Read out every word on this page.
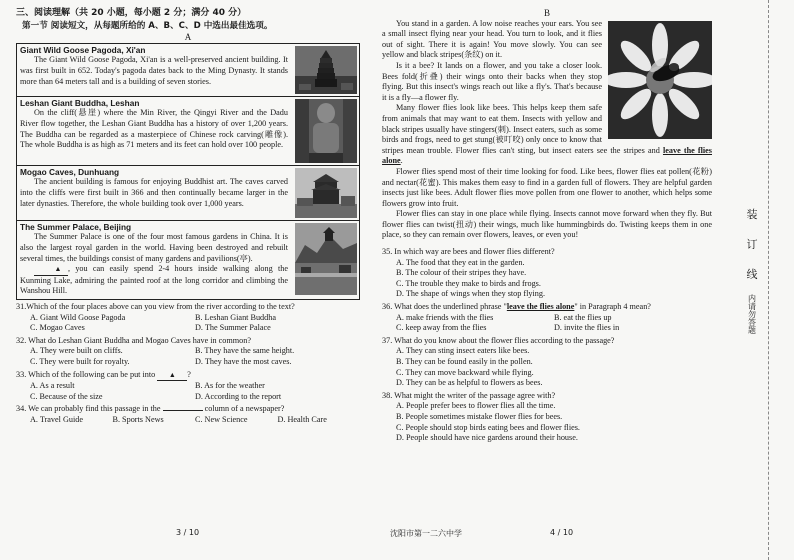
三、阅读理解（共 20 小题，每小题 2 分；满分 40 分）
第一节 阅读短文，从每题所给的 A、B、C、D 中选出最佳选项。
A
Giant Wild Goose Pagoda, Xi'an

The Giant Wild Goose Pagoda, Xi'an is a well-preserved ancient building. It was first built in 652. Today's pagoda dates back to the Ming Dynasty. It stands more than 64 meters tall and is a building of seven stories.

Leshan Giant Buddha, Leshan

On the cliff(悬崖) where the Min River, the Qingyi River and the Dadu River flow together, the Leshan Giant Buddha has a history of over 1,200 years. The Buddha can be regarded as a masterpiece of Chinese rock carving(雕像). The whole Buddha is as high as 71 meters and its feet can hold over 100 people.

Mogao Caves, Dunhuang

The ancient building is famous for enjoying Buddhist art. The caves carved into the cliffs were first built in 366 and then continually became larger in the later dynasties. Therefore, the whole building took over 1,000 years.

The Summer Palace, Beijing

The Summer Palace is one of the four most famous gardens in China. It is also the largest royal garden in the world. Having been destroyed and rebuilt several times, the buildings consist of many gardens and pavilions(亭).
▲ , you can easily spend 2-4 hours inside walking along the Kunming Lake, admiring the painted roof at the long corridor and climbing the Wanshou Hill.

31.Which of the four places above can you view from the river according to the text?
A. Giant Wild Goose Pagoda	B. Leshan Giant Buddha
C. Mogao Caves	D. The Summer Palace
32. What do Leshan Giant Buddha and Mogao Caves have in common?
A. They were built on cliffs.	B. They have the same height.
C. They were built for royalty.	D. They have the most caves.
33. Which of the following can be put into ▲ ?
A. As a result	B. As for the weather
C. Because of the size	D. According to the report
34. We can probably find this passage in the	column of a newspaper?
A. Travel Guide	B. Sports News	C. New Science	D. Health Care
B

You stand in a garden. A low noise reaches your ears. You see a small insect flying near your head. You turn to look, and it flies out of sight. There it is again! You move slowly. You can see yellow and black stripes(条纹) on it.

Is it a bee? It lands on a flower, and you take a closer look. Bees fold(折叠) their wings onto their backs when they stop flying. But this insect's wings reach out like a fly's. That's because it is a fly—a flower fly.

Many flower flies look like bees. This helps keep them safe from animals that may want to eat them. Insects with yellow and black stripes usually have stingers(刺). Insect eaters, such as some birds and frogs, need to get stung(被叮咬) only once to know that stripes mean trouble. Flower flies can't sting, but insect eaters see the stripes and leave the flies alone.

Flower flies spend most of their time looking for food. Like bees, flower flies eat pollen(花粉) and nectar(花蜜). This makes them easy to find in a garden full of flowers. They are helpful garden insects just like bees. Adult flower flies move pollen from one flower to another, which helps some flowers grow into fruit.

Flower flies can stay in one place while flying. Insects cannot move forward when they fly. But flower flies can twist(扭动) their wings, much like hummingbirds do. Twisting keeps them in one place, so they can remain over flowers, leaves, or even you!

35. In which way are bees and flower flies different?
A. The food that they eat in the garden.
B. The colour of their stripes they have.
C. The trouble they make to birds and frogs.
D. The shape of wings when they stop flying.
36. What does the underlined phrase "leave the flies alone" in Paragraph 4 mean?
A. make friends with the flies	B. eat the flies up
C. keep away from the flies	D. invite the flies in
37. What do you know about the flower flies according to the passage?
A. They can sting insect eaters like bees.
B. They can be found easily in the pollen.
C. They can move backward while flying.
D. They can be as helpful to flowers as bees.
38. What might the writer of the passage agree with?
A. People prefer bees to flower flies all the time.
B. People sometimes mistake flower flies for bees.
C. People should stop birds eating bees and flower flies.
D. People should have nice gardens around their house.
3 / 10	沈阳市第一二六中学	4 / 10
装
订
线
内请勿答题
